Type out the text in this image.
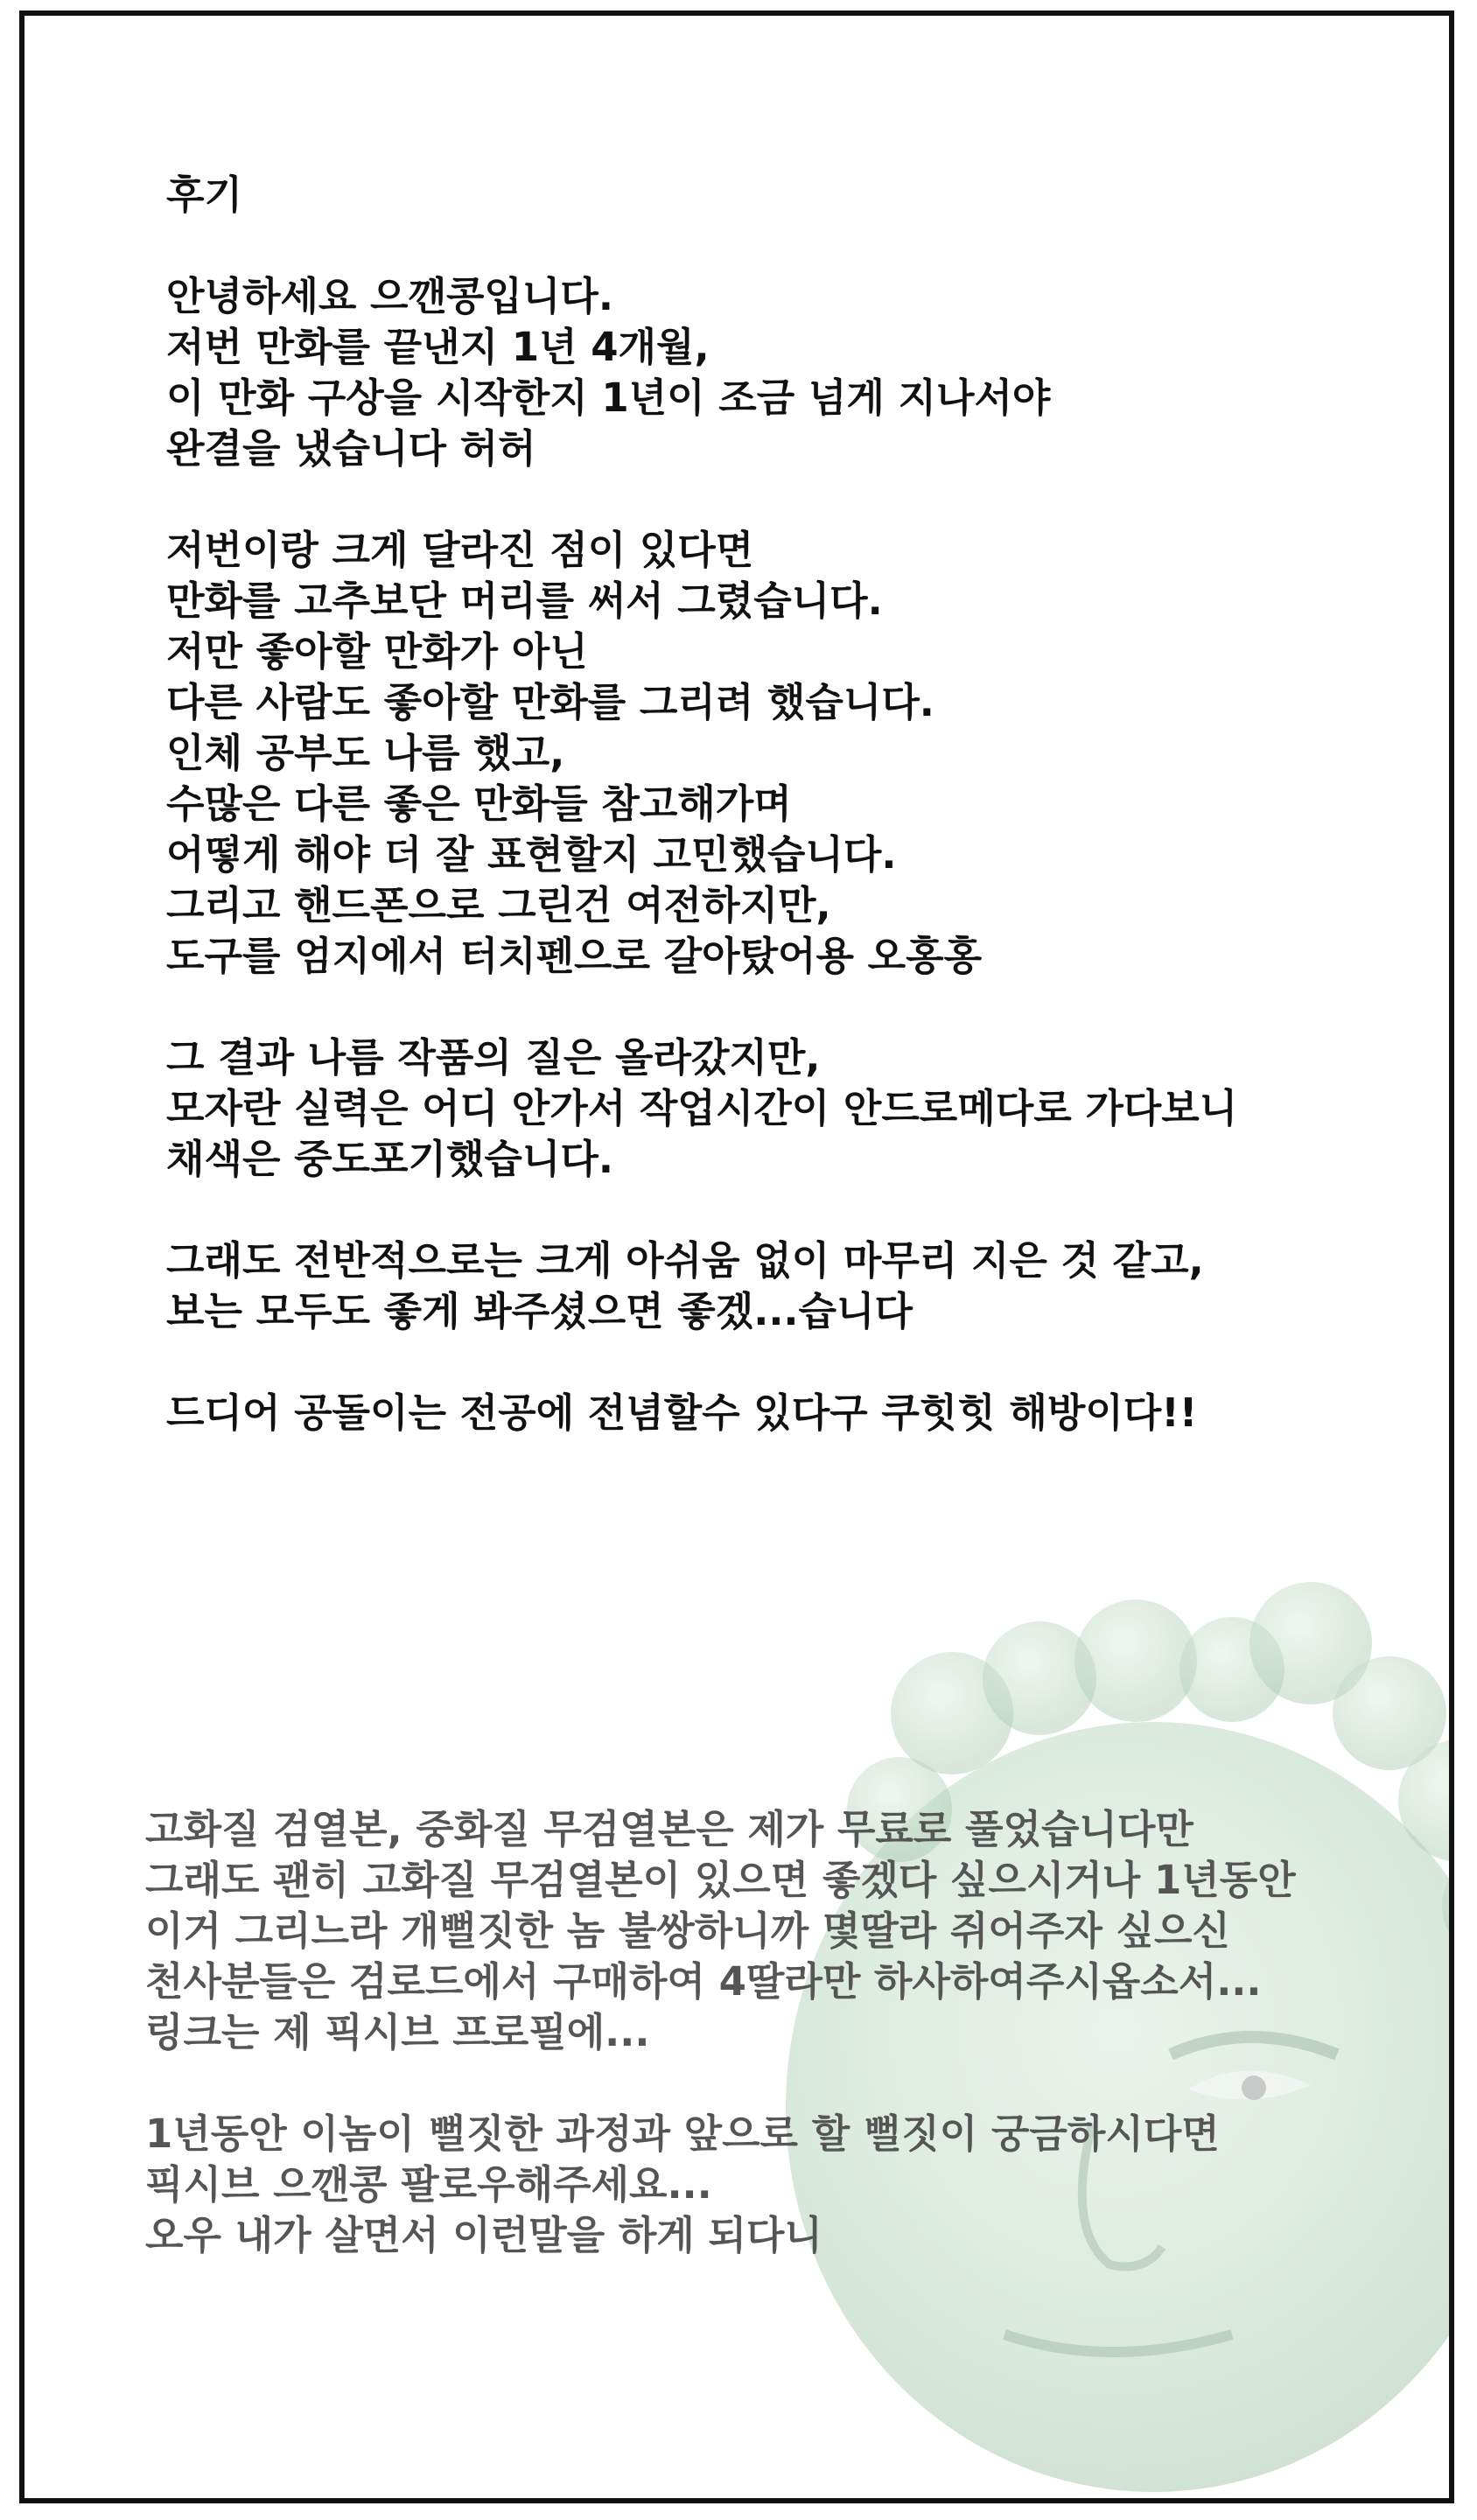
후기
안녕하세요 으깬콩입니다.
저번 만화를 끝낸지 1년 4개월,
이 만화 구상을 시작한지 1년이 조금 넘게 지나서야
완결을 냈습니다 허허
저번이랑 크게 달라진 점이 있다면
만화를 고추보단 머리를 써서 그렸습니다.
저만 좋아할 만화가 아닌
다른 사람도 좋아할 만화를 그리려 했습니다.
인체 공부도 나름 했고,
수많은 다른 좋은 만화들 참고해가며
어떻게 해야 더 잘 표현할지 고민했습니다.
그리고 핸드폰으로 그린건 여전하지만,
도구를 엄지에서 터치펜으로 갈아탔어용 오홍홍
그 결과 나름 작품의 질은 올라갔지만,
모자란 실력은 어디 안가서 작업시간이 안드로메다로 가다보니
채색은 중도포기했습니다.
그래도 전반적으로는 크게 아쉬움 없이 마무리 지은 것 같고,
보는 모두도 좋게 봐주셨으면 좋겠...습니다
드디어 공돌이는 전공에 전념할수 있다구 쿠힛힛 해방이다!!
고화질 검열본, 중화질 무검열본은 제가 무료로 풀었습니다만
그래도 괜히 고화질 무검열본이 있으면 좋겠다 싶으시거나 1년동안
이거 그리느라 개뻘짓한 놈 불쌍하니까 몇딸라 쥐어주자 싶으신
천사분들은 검로드에서 구매하여 4딸라만 하사하여주시옵소서...
링크는 제 픽시브 프로필에...
1년동안 이놈이 뻘짓한 과정과 앞으로 할 뻘짓이 궁금하시다면
픽시브 으깬콩 팔로우해주세요...
오우 내가 살면서 이런말을 하게 되다니
